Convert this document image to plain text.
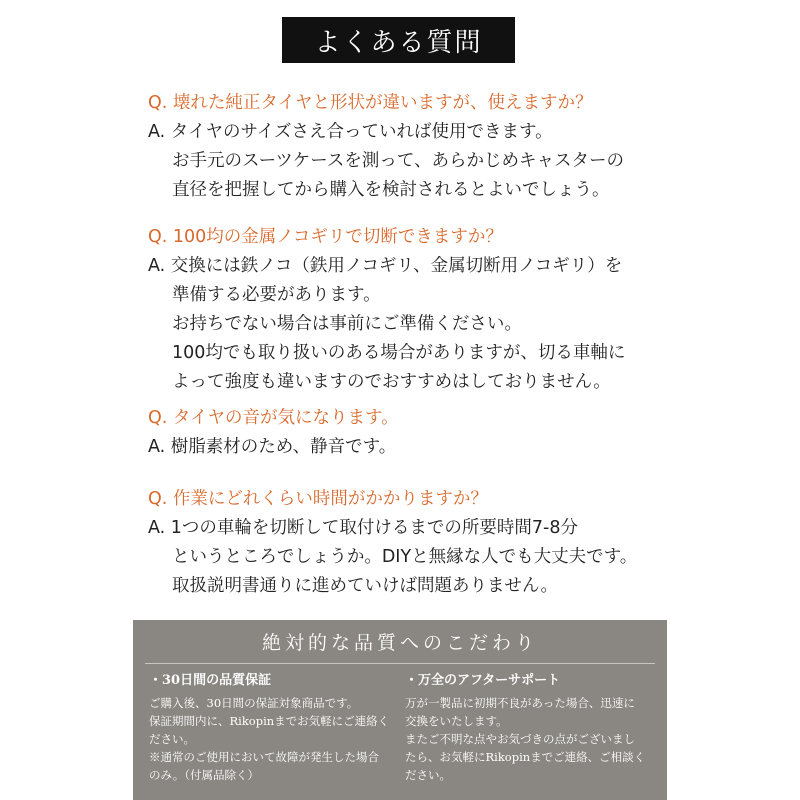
よくある質問
Q. 壊れた純正タイヤと形状が違いますが、使えますか？
A. タイヤのサイズさえ合っていれば使用できます。
お手元のスーツケースを測って、あらかじめキャスターの
直径を把握してから購入を検討されるとよいでしょう。
Q. 100均の金属ノコギリで切断できますか？
A. 交換には鉄ノコ（鉄用ノコギリ、金属切断用ノコギリ）を
準備する必要があります。
お持ちでない場合は事前にご準備ください。
100均でも取り扱いのある場合がありますが、切る車軸に
よって強度も違いますのでおすすめはしておりません。
Q. タイヤの音が気になります。
A. 樹脂素材のため、静音です。
Q. 作業にどれくらい時間がかかりますか？
A. 1つの車輪を切断して取付けるまでの所要時間7-8分
というところでしょうか。DIYと無縁な人でも大丈夫です。
取扱説明書通りに進めていけば問題ありません。
絶対的な品質へのこだわり
・30日間の品質保証
ご購入後、30日間の保証対象商品です。
保証期間内に、Rikopinまでお気軽にご連絡く
ださい。
※通常のご使用において故障が発生した場合
のみ。（付属品除く）
・万全のアフターサポート
万が一製品に初期不良があった場合、迅速に
交換をいたします。
またご不明な点やお気づきの点がございまし
たら、お気軽にRikopinまでご連絡、ご相談く
ださい。
